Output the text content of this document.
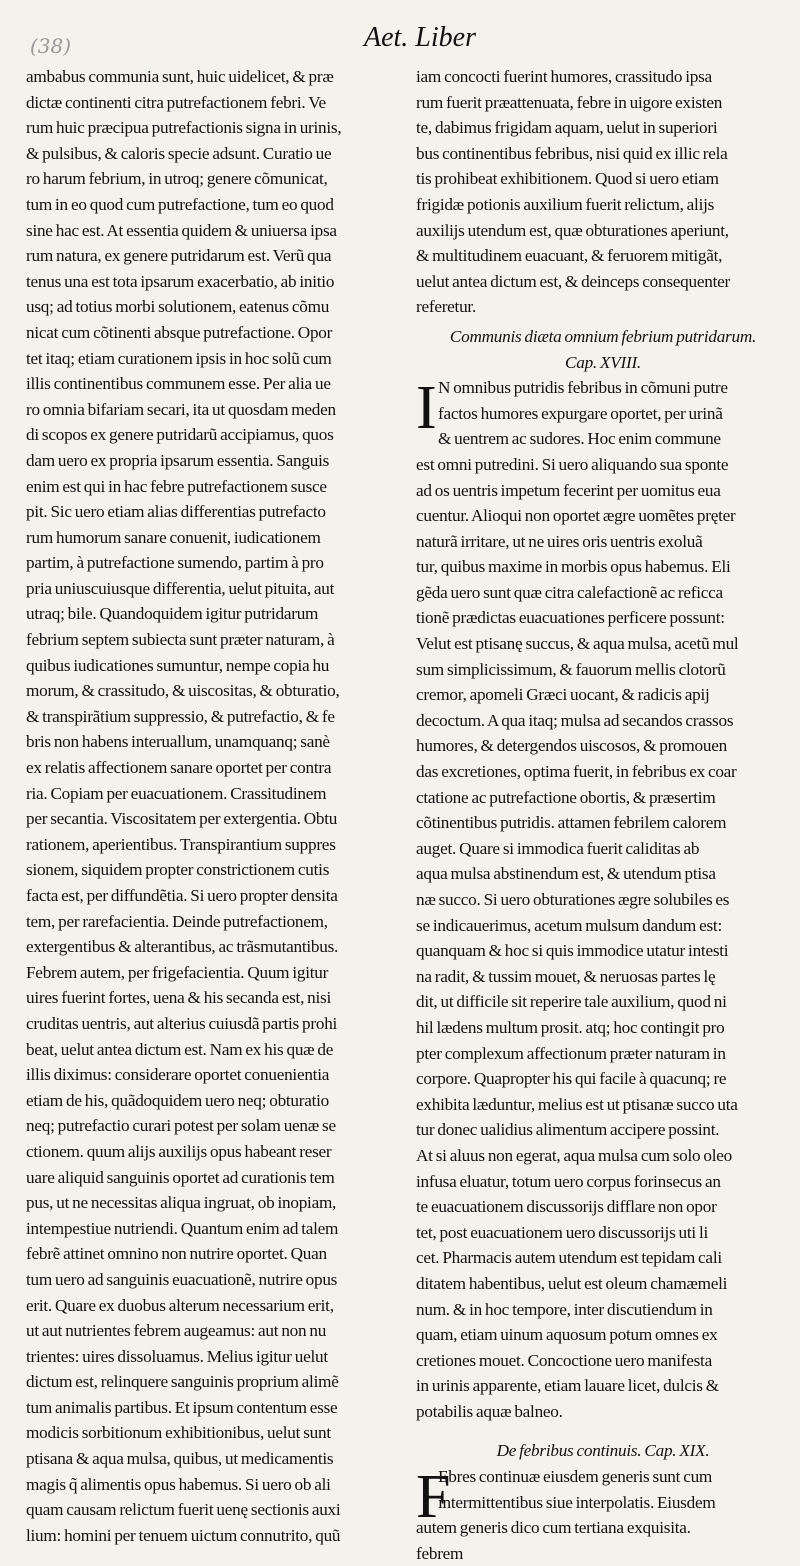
(38)	Aet. Liber
ambabus communia sunt, huic uidelicet, & præ
dictæ continenti citra putrefactionem febri. Ve
rum huic præcipua putrefactionis signa in urinis,
& pulsibus, & caloris specie adsunt. Curatio ue
ro harum febrium, in utroq; genere cõmunicat,
tum in eo quod cum putrefactione, tum eo quod
sine hac est. At essentia quidem & uniuersa ipsa
rum natura, ex genere putridarum est. Verũ qua
tenus una est tota ipsarum exacerbatio, ab initio
usq; ad totius morbi solutionem, eatenus cõmu
nicat cum cõtinenti absque putrefactione. Opor
tet itaq; etiam curationem ipsis in hoc solũ cum
illis continentibus communem esse. Per alia ue
ro omnia bifariam secari, ita ut quosdam meden
di scopos ex genere putridarũ accipiamus, quos
dam uero ex propria ipsarum essentia. Sanguis
enim est qui in hac febre putrefactionem susce
pit. Sic uero etiam alias differentias putrefacto
rum humorum sanare conuenit, iudicationem
partim, à putrefactione sumendo, partim à pro
pria uniuscuiusque differentia, uelut pituita, aut
utraq; bile. Quandoquidem igitur putridarum
febrium septem subiecta sunt præter naturam, à
quibus iudicationes sumuntur, nempe copia hu
morum, & crassitudo, & uiscositas, & obturatio,
& transpirãtium suppressio, & putrefactio, & fe
bris non habens interuallum, unamquanq; sanè
ex relatis affectionem sanare oportet per contra
ria. Copiam per euacuationem. Crassitudinem
per secantia. Viscositatem per extergentia. Obtu
rationem, aperientibus. Transpirantium suppres
sionem, siquidem propter constrictionem cutis
facta est, per diffundẽtia. Si uero propter densita
tem, per rarefacientia. Deinde putrefactionem,
extergentibus & alterantibus, ac trãsmutantibus.
Febrem autem, per frigefacientia. Quum igitur
uires fuerint fortes, uena & his secanda est, nisi
cruditas uentris, aut alterius cuiusdã partis prohi
beat, uelut antea dictum est. Nam ex his quæ de
illis diximus: considerare oportet conuenientia
etiam de his, quãdoquidem uero neq; obturatio
neq; putrefactio curari potest per solam uenæ se
ctionem. quum alijs auxilijs opus habeant reser
uare aliquid sanguinis oportet ad curationis tem
pus, ut ne necessitas aliqua ingruat, ob inopiam,
intempestiue nutriendi. Quantum enim ad talem
febrẽ attinet omnino non nutrire oportet. Quan
tum uero ad sanguinis euacuationẽ, nutrire opus
erit. Quare ex duobus alterum necessarium erit,
ut aut nutrientes febrem augeamus: aut non nu
trientes: uires dissoluamus. Melius igitur uelut
dictum est, relinquere sanguinis proprium alimẽ
tum animalis partibus. Et ipsum contentum esse
modicis sorbitionum exhibitionibus, uelut sunt
ptisana & aqua mulsa, quibus, ut medicamentis
magis q̃ alimentis opus habemus. Si uero ob ali
quam causam relictum fuerit uenę sectionis auxi
lium: homini per tenuem uictum connutrito, quũ
iam concocti fuerint humores, crassitudo ipsa
rum fuerit præattenuata, febre in uigore existen
te, dabimus frigidam aquam, uelut in superiori
bus continentibus febribus, nisi quid ex illic rela
tis prohibeat exhibitionem. Quod si uero etiam
frigidæ potionis auxilium fuerit relictum, alijs
auxilijs utendum est, quæ obturationes aperiunt,
& multitudinem euacuant, & feruorem mitigãt,
uelut antea dictum est, & deinceps consequenter
referetur.
Communis diæta omnium febrium putridarum.
Cap. XVIII.
I N omnibus putridis febribus in cõmuni putre
factos humores expurgare oportet, per urinã
& uentrem ac sudores. Hoc enim commune
est omni putredini. Si uero aliquando sua sponte
ad os uentris impetum fecerint per uomitus eua
cuentur. Alioqui non oportet ægre uomẽtes pręter
naturã irritare, ut ne uires oris uentris exoluã
tur, quibus maxime in morbis opus habemus. Eli
gẽda uero sunt quæ citra calefactionẽ ac reficca
tionẽ prædictas euacuationes perficere possunt:
Velut est ptisanę succus, & aqua mulsa, acetũ mul
sum simplicissimum, & fauorum mellis clotorũ
cremor, apomeli Græci uocant, & radicis apij
decoctum. A qua itaq; mulsa ad secandos crassos
humores, & detergendos uiscosos, & promouen
das excretiones, optima fuerit, in febribus ex coar
ctatione ac putrefactione obortis, & præsertim
cõtinentibus putridis. attamen febrilem calorem
auget. Quare si immodica fuerit caliditas ab
aqua mulsa abstinendum est, & utendum ptisa
næ succo. Si uero obturationes ægre solubiles es
se indicauerimus, acetum mulsum dandum est:
quanquam & hoc si quis immodice utatur intesti
na radit, & tussim mouet, & neruosas partes lę
dit, ut difficile sit reperire tale auxilium, quod ni
hil lædens multum prosit. atq; hoc contingit pro
pter complexum affectionum præter naturam in
corpore. Quapropter his qui facile à quacunq; re
exhibita læduntur, melius est ut ptisanæ succo uta
tur donec ualidius alimentum accipere possint.
At si aluus non egerat, aqua mulsa cum solo oleo
infusa eluatur, totum uero corpus forinsecus an
te euacuationem discussorijs difflare non opor
tet, post euacuationem uero discussorijs uti li
cet. Pharmacis autem utendum est tepidam cali
ditatem habentibus, uelut est oleum chamæmeli
num. & in hoc tempore, inter discutiendum in
quam, etiam uinum aquosum potum omnes ex
cretiones mouet. Concoctione uero manifesta
in urinis apparente, etiam lauare licet, dulcis &
potabilis aquæ balneo.
De febribus continuis. Cap. XIX.
F
Ebres continuæ eiusdem generis sunt cum
intermittentibus siue interpolatis. Eiusdem
autem generis dico cum tertiana exquisita.
febrem
